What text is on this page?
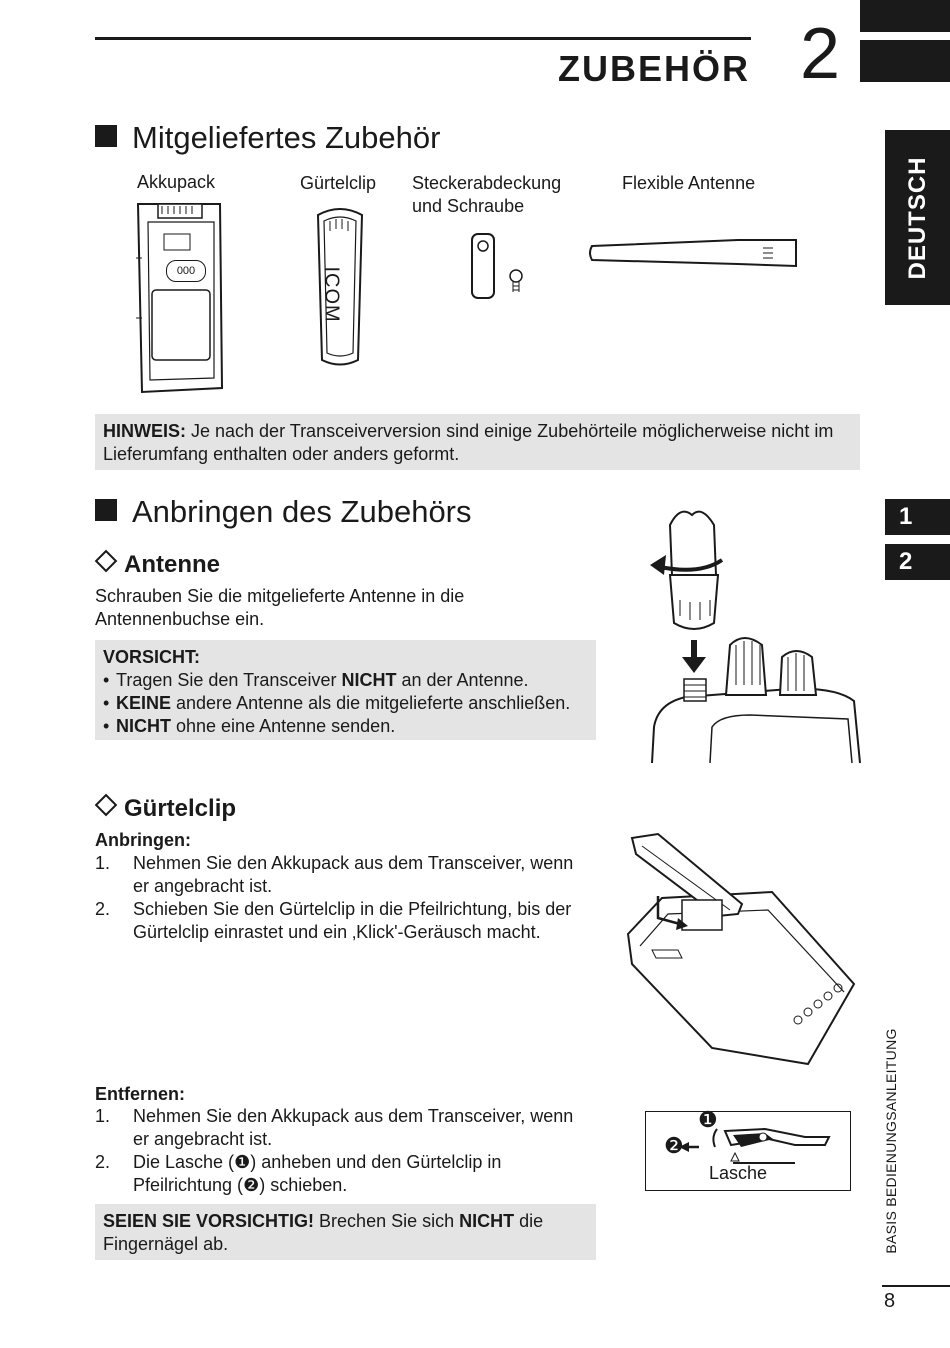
ZUBEHÖR 2
DEUTSCH
1
2
BASIS BEDIENUNGSANLEITUNG
8
Mitgeliefertes Zubehör
Akkupack	Gürtelclip Steckerabdeckung
und Schraube
Flexible Antenne
000	ICOM
HINWEIS: Je nach der Transceiverversion sind einige Zubehörteile möglicherweise nicht im Lieferumfang enthalten oder anders geformt.
Anbringen des Zubehörs
Antenne
Schrauben Sie die mitgelieferte Antenne in die Antennenbuchse ein.
VORSICHT:
• Tragen Sie den Transceiver NICHT an der Antenne.
• KEINE andere Antenne als die mitgelieferte anschließen.
• NICHT ohne eine Antenne senden.
Gürtelclip
Anbringen:
1. Nehmen Sie den Akkupack aus dem Transceiver, wenn er angebracht ist.
2. Schieben Sie den Gürtelclip in die Pfeilrichtung, bis der Gürtelclip einrastet und ein ‚Klick'-Geräusch macht.
Entfernen:
1. Nehmen Sie den Akkupack aus dem Transceiver, wenn er angebracht ist.
2. Die Lasche (❶) anheben und den Gürtelclip in Pfeilrichtung (❷) schieben.
❶
❷
Lasche
SEIEN SIE VORSICHTIG! Brechen Sie sich NICHT die Fingernägel ab.
